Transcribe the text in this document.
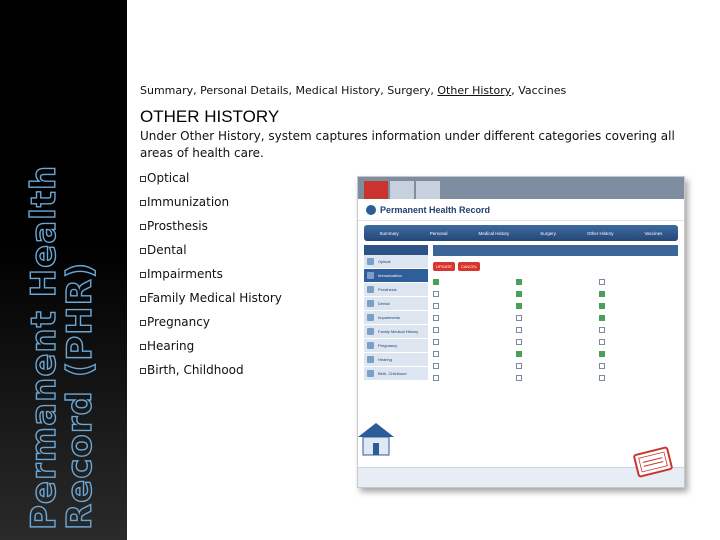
Permanent Health Record (PHR)
Summary, Personal Details, Medical History, Surgery, Other History, Vaccines
OTHER HISTORY
Under Other History, system captures information under different categories covering all areas of health care.
Optical
Immunization
Prosthesis
Dental
Impairments
Family Medical History
Pregnancy
Hearing
Birth, Childhood
Permanent Health Record
Summary	Personal	Medical History	Surgery	Other History	Vaccines
Optical
Immunization
Prosthesis
Dental
Impairments
Family Medical History
Pregnancy
Hearing
Birth, Childhood
UPDATE	CANCEL
